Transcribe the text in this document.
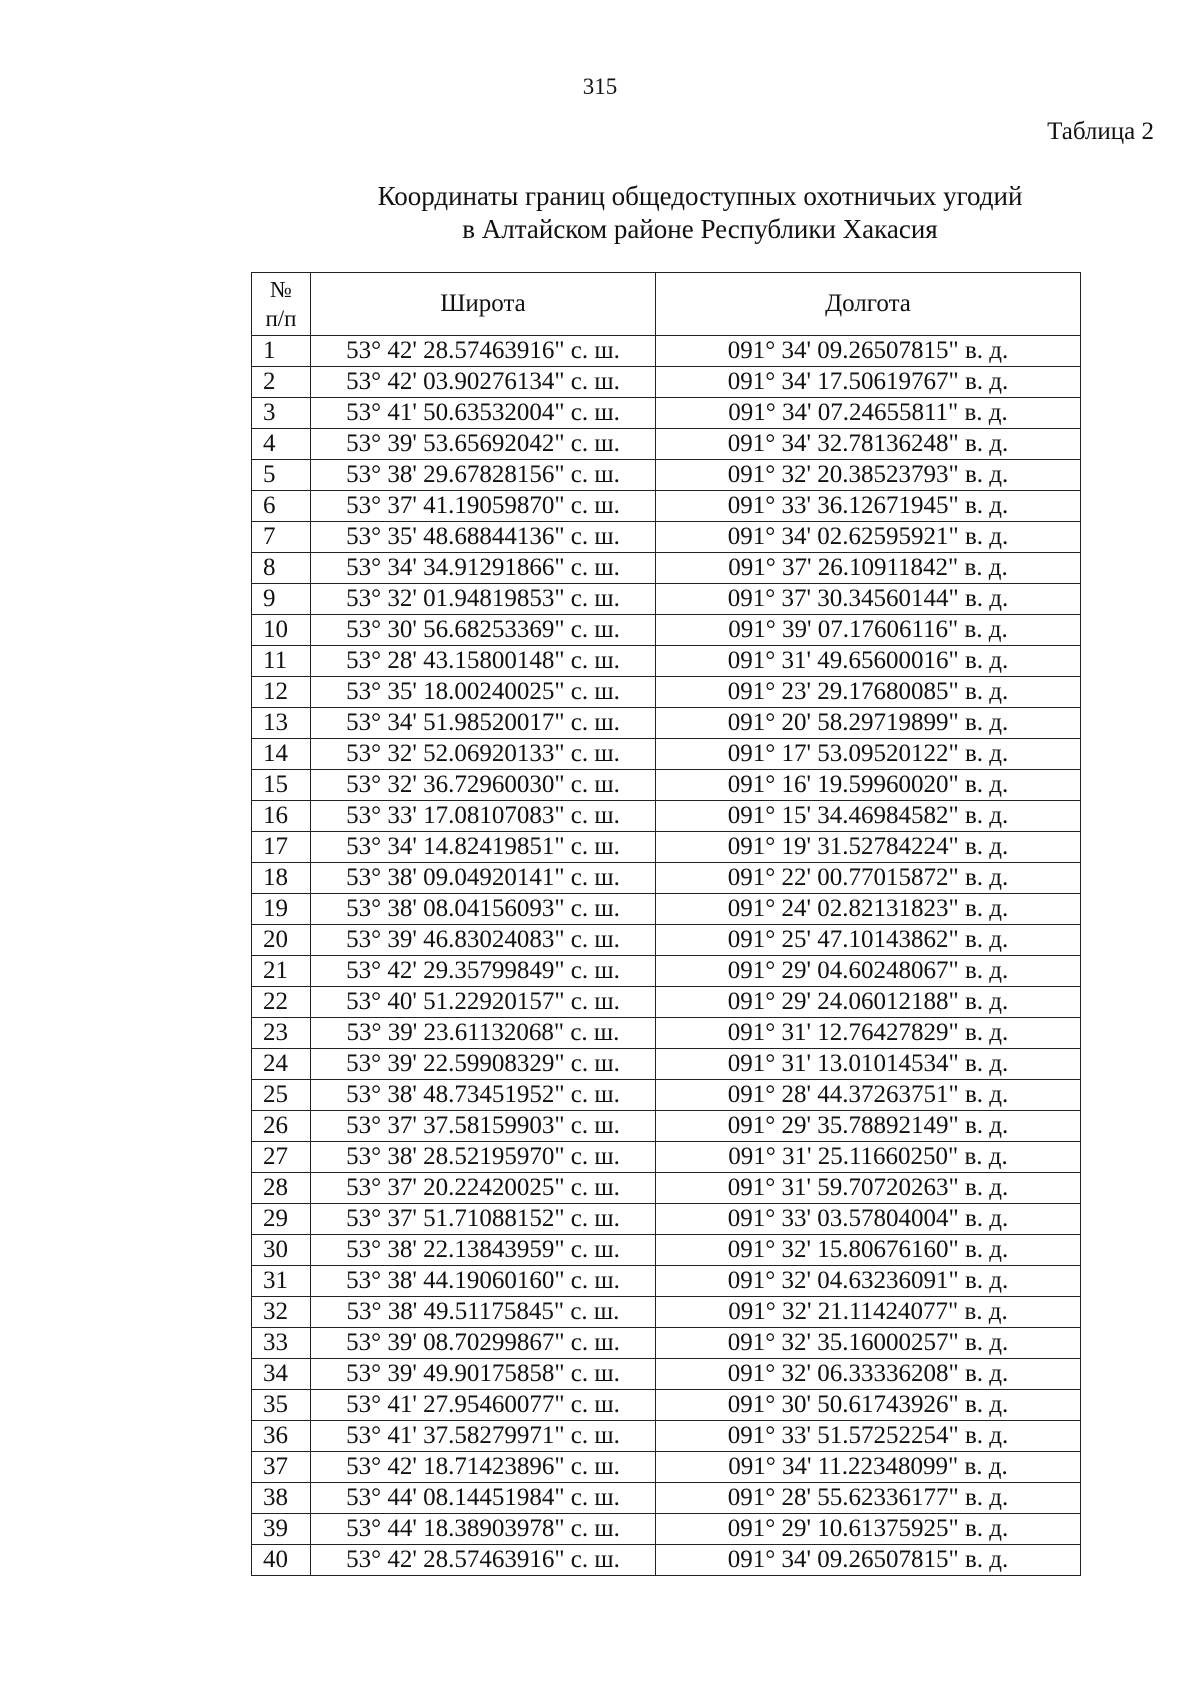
315
Таблица 2
Координаты границ общедоступных охотничьих угодий
в Алтайском районе Республики Хакасия
№
п/п	Широта	Долгота
1	53° 42' 28.57463916" с. ш.	091° 34' 09.26507815" в. д.
2	53° 42' 03.90276134" с. ш.	091° 34' 17.50619767" в. д.
3	53° 41' 50.63532004" с. ш.	091° 34' 07.24655811" в. д.
4	53° 39' 53.65692042" с. ш.	091° 34' 32.78136248" в. д.
5	53° 38' 29.67828156" с. ш.	091° 32' 20.38523793" в. д.
6	53° 37' 41.19059870" с. ш.	091° 33' 36.12671945" в. д.
7	53° 35' 48.68844136" с. ш.	091° 34' 02.62595921" в. д.
8	53° 34' 34.91291866" с. ш.	091° 37' 26.10911842" в. д.
9	53° 32' 01.94819853" с. ш.	091° 37' 30.34560144" в. д.
10	53° 30' 56.68253369" с. ш.	091° 39' 07.17606116" в. д.
11	53° 28' 43.15800148" с. ш.	091° 31' 49.65600016" в. д.
12	53° 35' 18.00240025" с. ш.	091° 23' 29.17680085" в. д.
13	53° 34' 51.98520017" с. ш.	091° 20' 58.29719899" в. д.
14	53° 32' 52.06920133" с. ш.	091° 17' 53.09520122" в. д.
15	53° 32' 36.72960030" с. ш.	091° 16' 19.59960020" в. д.
16	53° 33' 17.08107083" с. ш.	091° 15' 34.46984582" в. д.
17	53° 34' 14.82419851" с. ш.	091° 19' 31.52784224" в. д.
18	53° 38' 09.04920141" с. ш.	091° 22' 00.77015872" в. д.
19	53° 38' 08.04156093" с. ш.	091° 24' 02.82131823" в. д.
20	53° 39' 46.83024083" с. ш.	091° 25' 47.10143862" в. д.
21	53° 42' 29.35799849" с. ш.	091° 29' 04.60248067" в. д.
22	53° 40' 51.22920157" с. ш.	091° 29' 24.06012188" в. д.
23	53° 39' 23.61132068" с. ш.	091° 31' 12.76427829" в. д.
24	53° 39' 22.59908329" с. ш.	091° 31' 13.01014534" в. д.
25	53° 38' 48.73451952" с. ш.	091° 28' 44.37263751" в. д.
26	53° 37' 37.58159903" с. ш.	091° 29' 35.78892149" в. д.
27	53° 38' 28.52195970" с. ш.	091° 31' 25.11660250" в. д.
28	53° 37' 20.22420025" с. ш.	091° 31' 59.70720263" в. д.
29	53° 37' 51.71088152" с. ш.	091° 33' 03.57804004" в. д.
30	53° 38' 22.13843959" с. ш.	091° 32' 15.80676160" в. д.
31	53° 38' 44.19060160" с. ш.	091° 32' 04.63236091" в. д.
32	53° 38' 49.51175845" с. ш.	091° 32' 21.11424077" в. д.
33	53° 39' 08.70299867" с. ш.	091° 32' 35.16000257" в. д.
34	53° 39' 49.90175858" с. ш.	091° 32' 06.33336208" в. д.
35	53° 41' 27.95460077" с. ш.	091° 30' 50.61743926" в. д.
36	53° 41' 37.58279971" с. ш.	091° 33' 51.57252254" в. д.
37	53° 42' 18.71423896" с. ш.	091° 34' 11.22348099" в. д.
38	53° 44' 08.14451984" с. ш.	091° 28' 55.62336177" в. д.
39	53° 44' 18.38903978" с. ш.	091° 29' 10.61375925" в. д.
40	53° 42' 28.57463916" с. ш.	091° 34' 09.26507815" в. д.
